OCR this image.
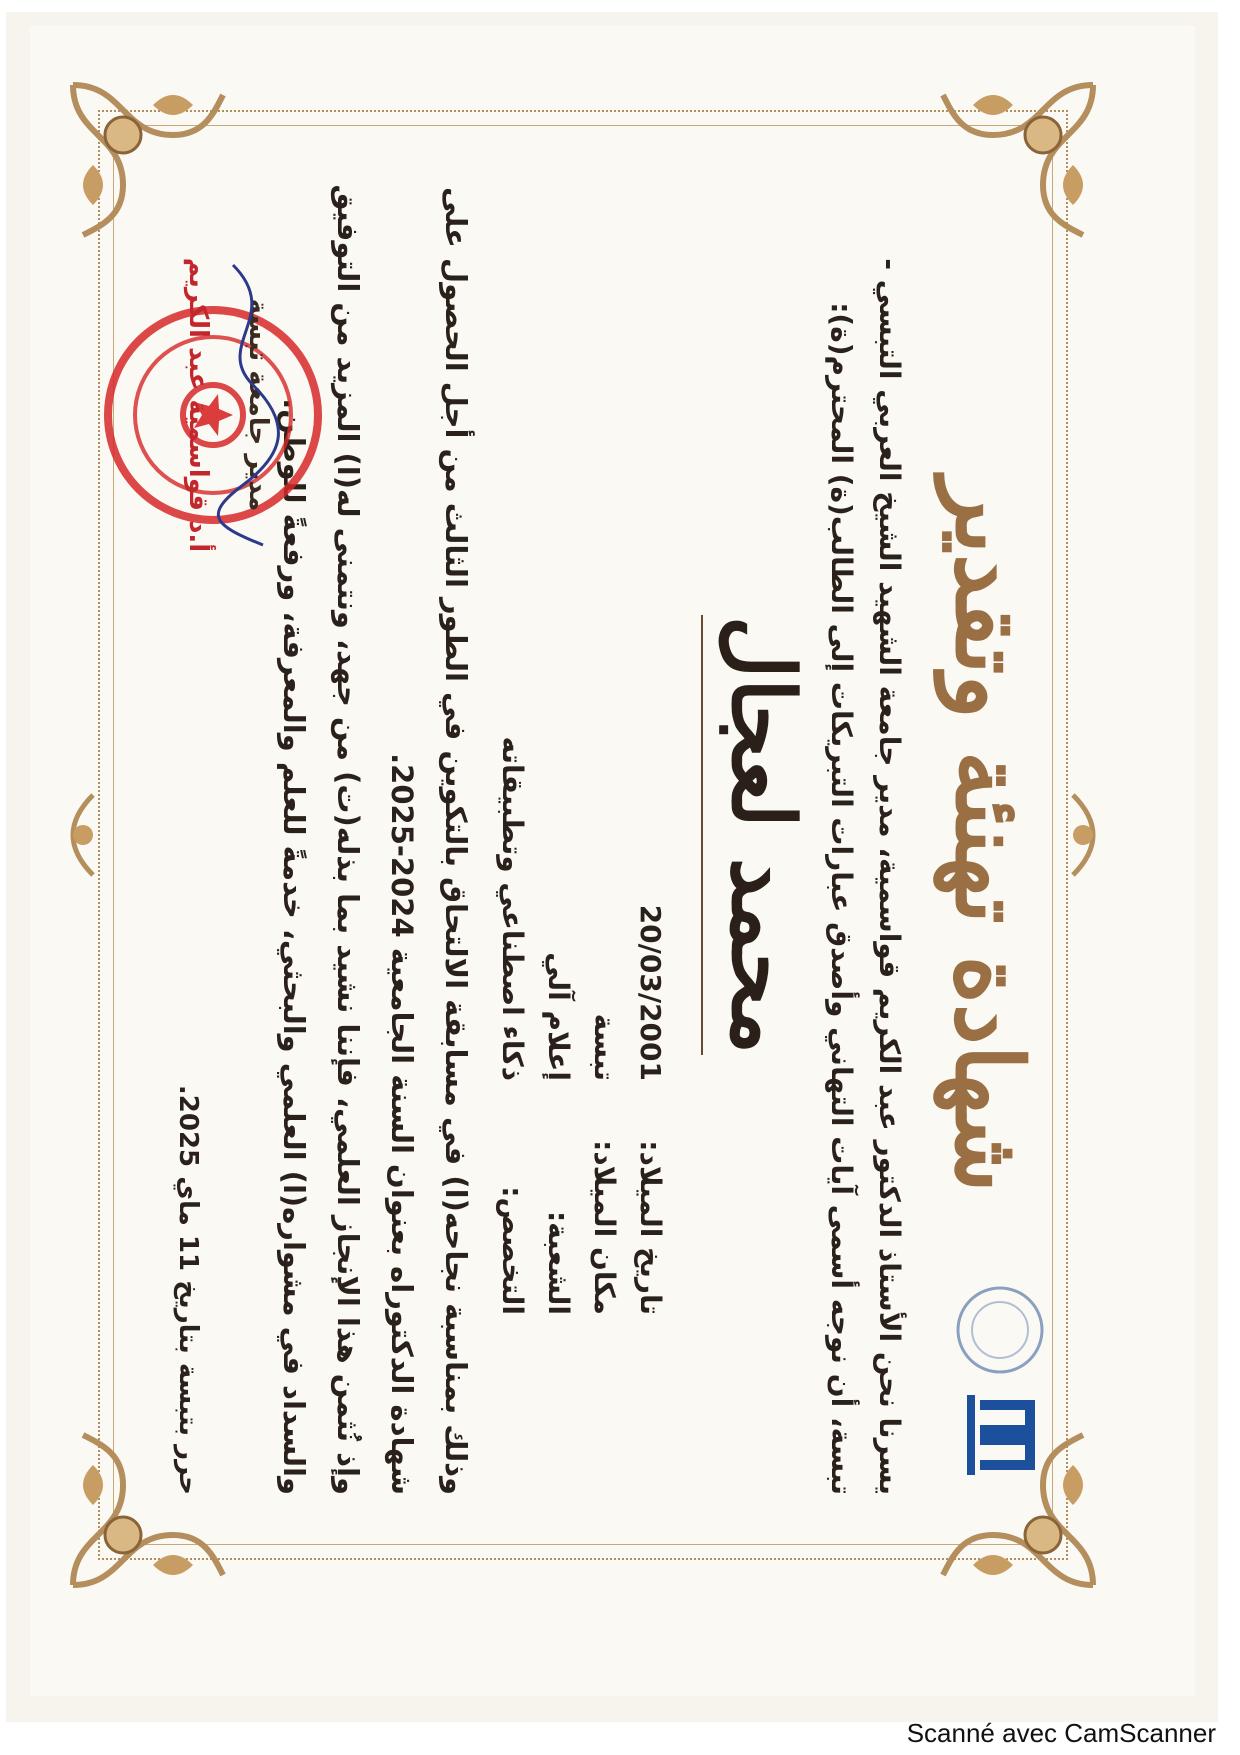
شهادة تهنئة وتقدير
يسرنا نحن الأستاذ الدكتور عبد الكريم قواسمية، مدير جامعة الشهيد الشيخ العربي التبسي - تبسة، أن نوجه أسمى آيات التهاني وأصدق عبارات التبريكات إلى الطالب(ة) المحترم(ة):
محمد لعجال
تاريخ الميلاد:
20/03/2001
مكان الميلاد:
تبسة
الشعبة:
إعلام آلي
التخصص:
ذكاء اصطناعي وتطبيقاته

وذلك بمناسبة نجاحه(ا) في مسابقة الالتحاق بالتكوين في الطور الثالث من أجل الحصول على شهادة الدكتوراه بعنوان السنة الجامعية 2024-2025.

وإذ نُثمن هذا الإنجاز العلمي، فإننا نشيد بما بذله(ت) من جهد، ونتمنى له(ا) المزيد من التوفيق والسداد في مشواره(ا) العلمي والبحثي، خدمةً للعلم والمعرفة، ورفعةً للوطن.

حرر بتبسة بتاريخ 11 ماي 2025.
مدير جامعة تبسة
أ.د قواسمية عبد الكريم
Scanné avec CamScanner
